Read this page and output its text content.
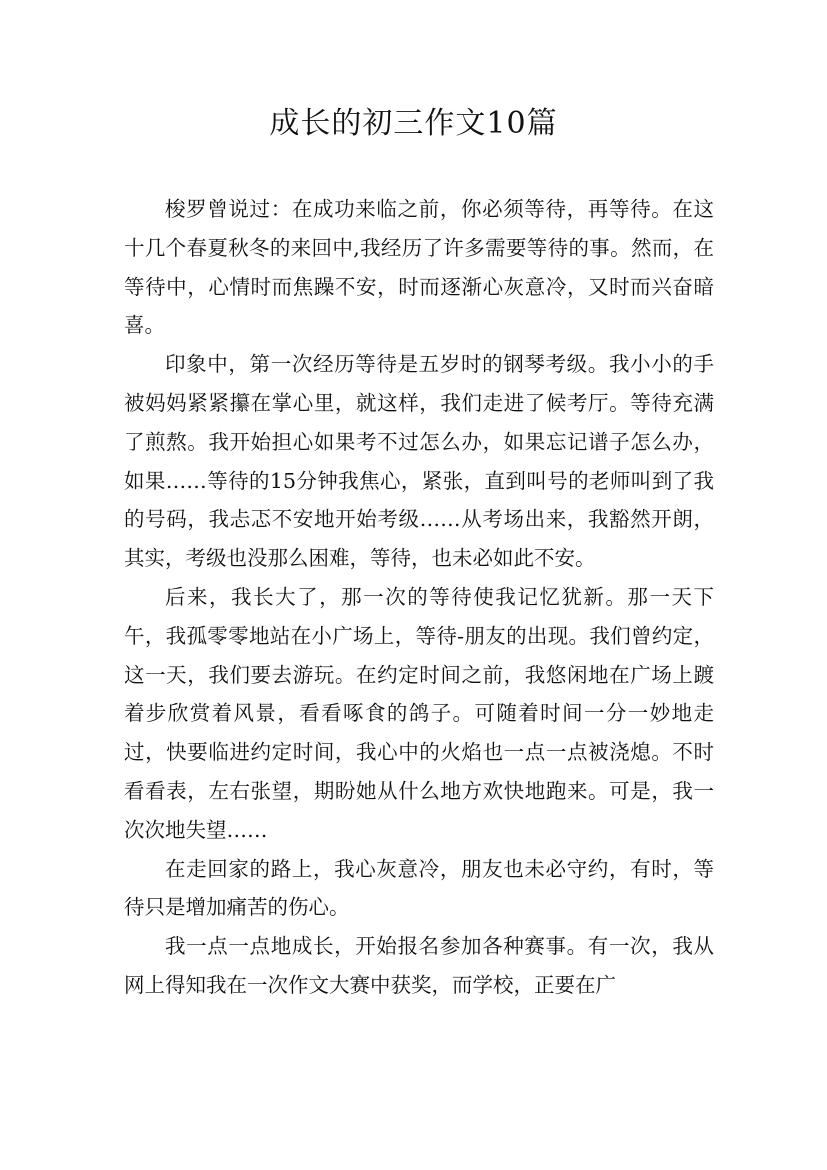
成长的初三作文10篇

梭罗曾说过：在成功来临之前，你必须等待，再等待。在这十几个春夏秋冬的来回中,我经历了许多需要等待的事。然而，在等待中，心情时而焦躁不安，时而逐渐心灰意冷，又时而兴奋暗喜。

印象中，第一次经历等待是五岁时的钢琴考级。我小小的手被妈妈紧紧攥在掌心里，就这样，我们走进了候考厅。等待充满了煎熬。我开始担心如果考不过怎么办，如果忘记谱子怎么办，如果……等待的15分钟我焦心，紧张，直到叫号的老师叫到了我的号码，我忐忑不安地开始考级……从考场出来，我豁然开朗，其实，考级也没那么困难，等待，也未必如此不安。

后来，我长大了，那一次的等待使我记忆犹新。那一天下午，我孤零零地站在小广场上，等待-朋友的出现。我们曾约定，这一天，我们要去游玩。在约定时间之前，我悠闲地在广场上踱着步欣赏着风景，看看啄食的鸽子。可随着时间一分一妙地走过，快要临进约定时间，我心中的火焰也一点一点被浇熄。不时看看表，左右张望，期盼她从什么地方欢快地跑来。可是，我一次次地失望……

在走回家的路上，我心灰意冷，朋友也未必守约，有时，等待只是增加痛苦的伤心。

我一点一点地成长，开始报名参加各种赛事。有一次，我从网上得知我在一次作文大赛中获奖，而学校，正要在广
